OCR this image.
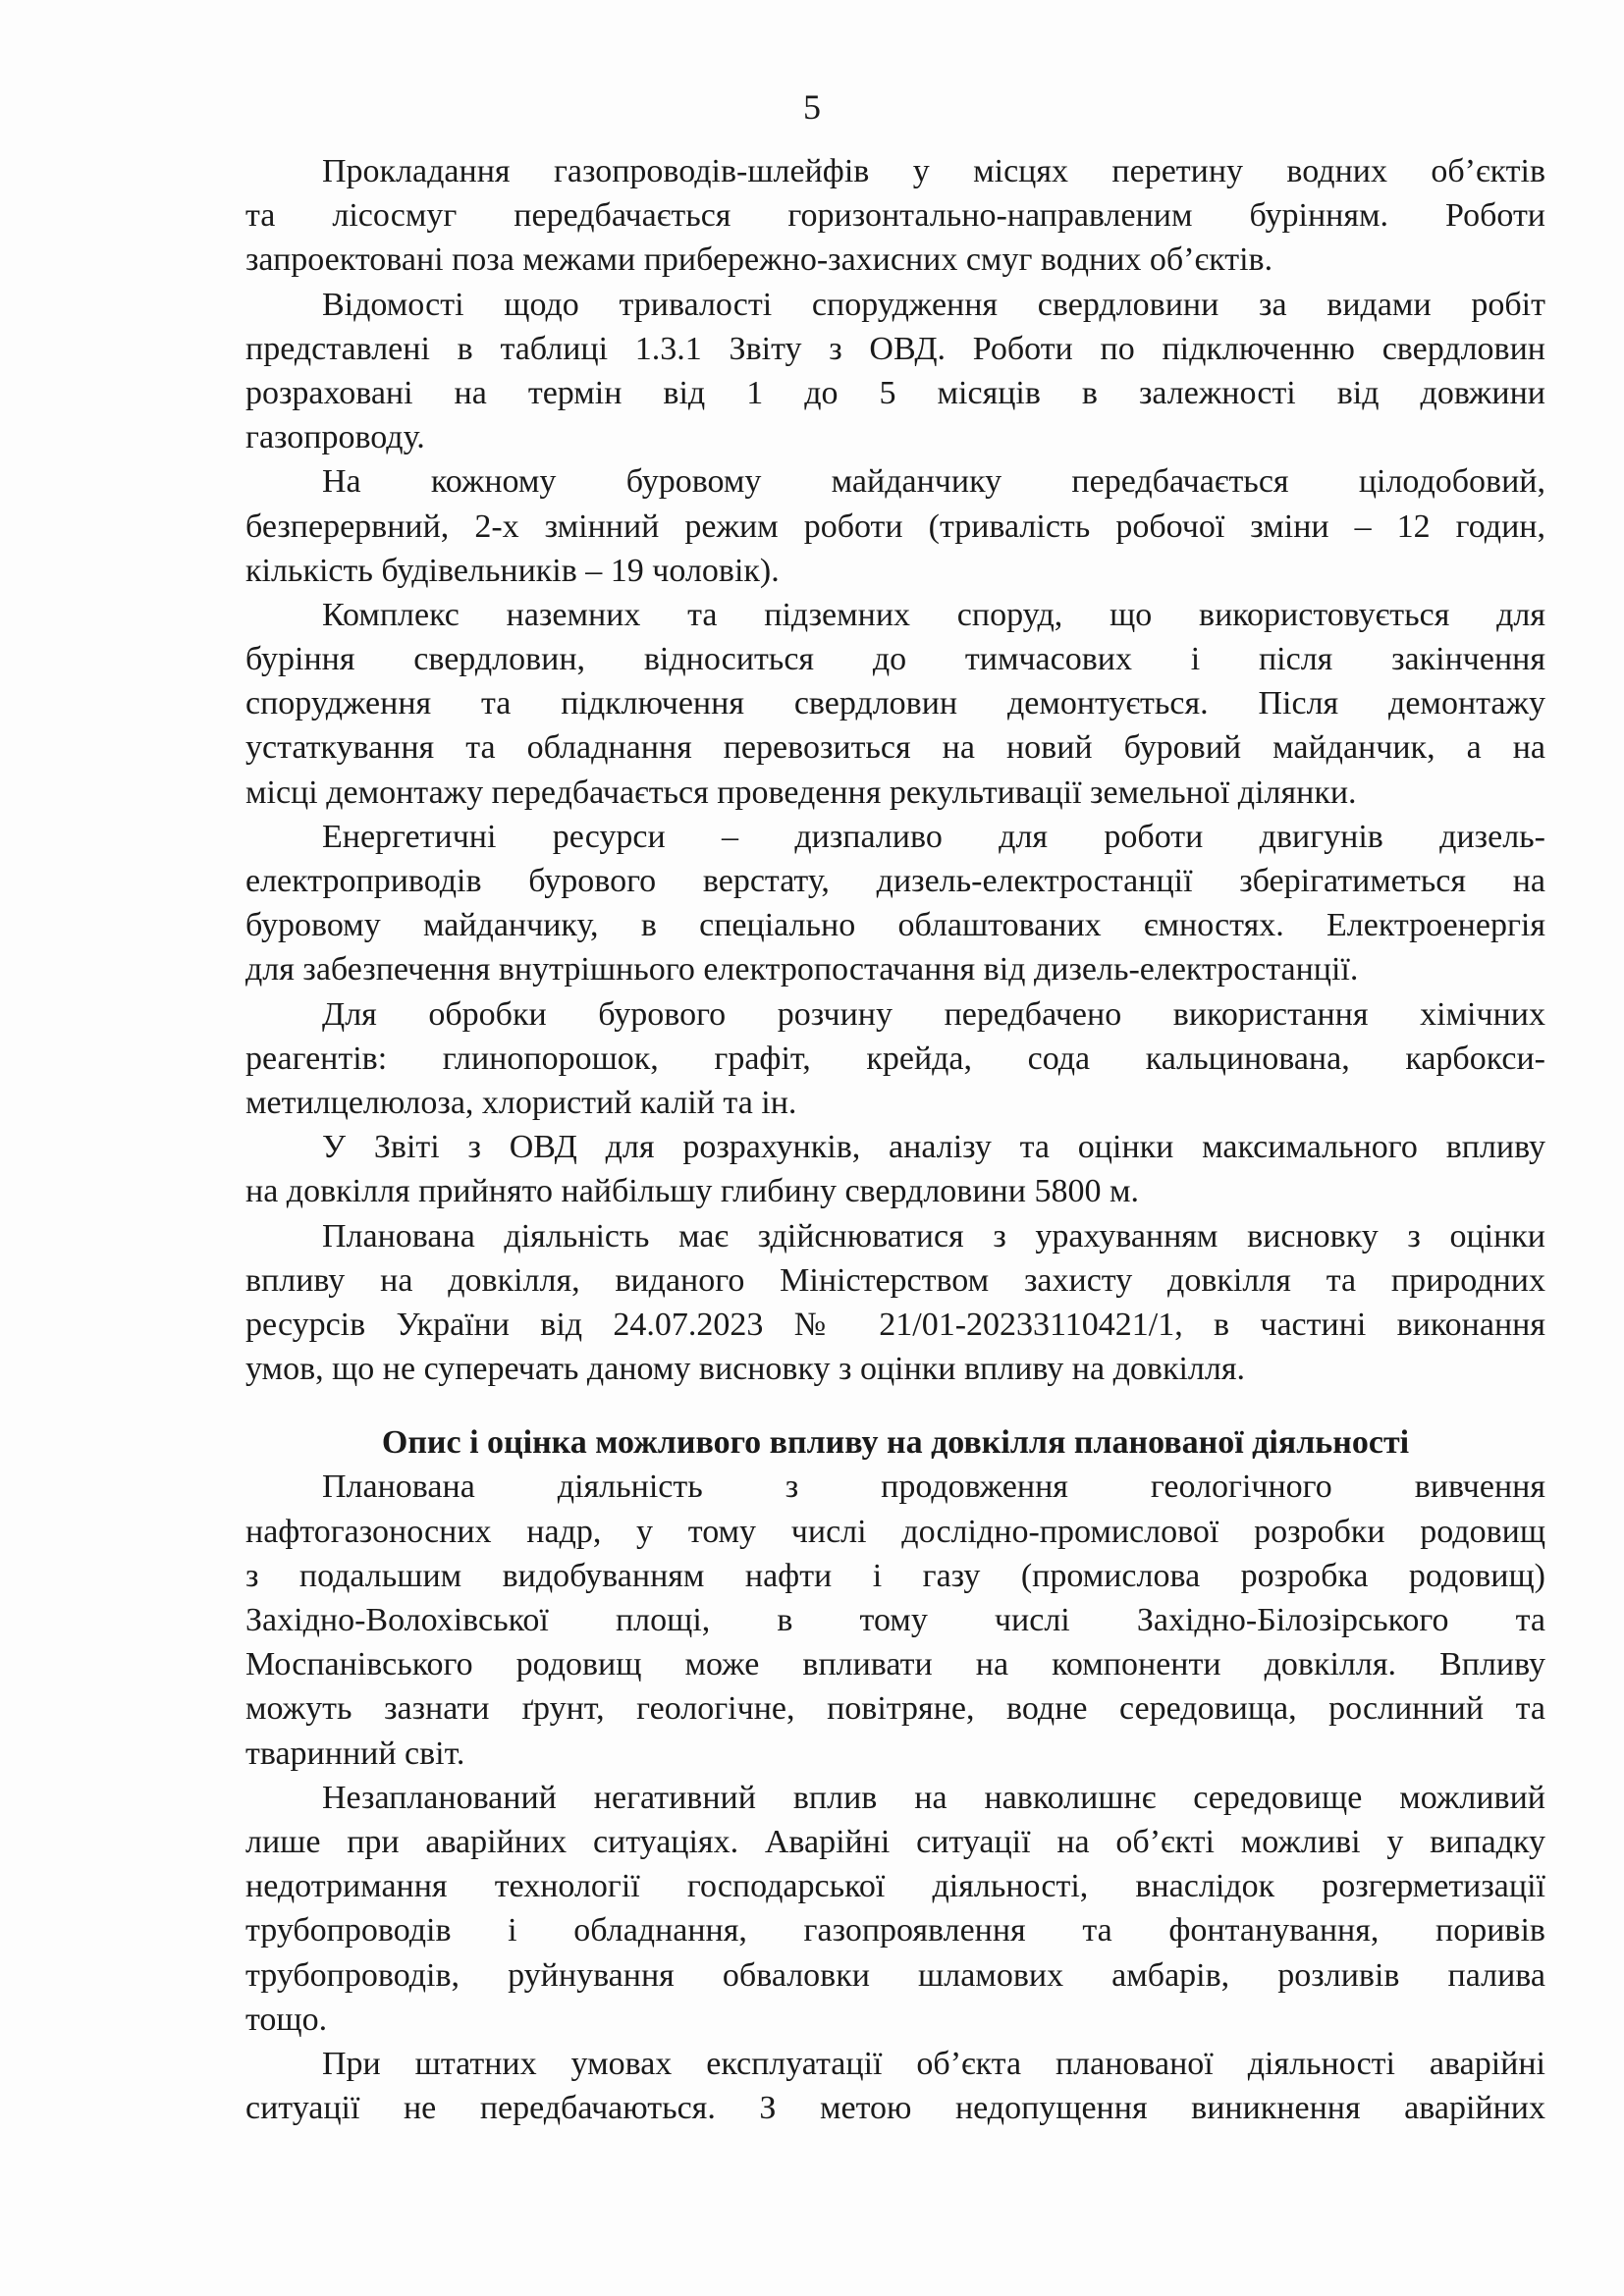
5
Прокладання газопроводів-шлейфів у місцях перетину водних об’єктів
та лісосмуг передбачається горизонтально-направленим бурінням. Роботи
запроектовані поза межами прибережно-захисних смуг водних об’єктів.
Відомості щодо тривалості спорудження свердловини за видами робіт
представлені в таблиці 1.3.1 Звіту з ОВД. Роботи по підключенню свердловин
розраховані на термін від 1 до 5 місяців в залежності від довжини
газопроводу.
На кожному буровому майданчику передбачається цілодобовий,
безперервний, 2-х змінний режим роботи (тривалість робочої зміни – 12 годин,
кількість будівельників – 19 чоловік).
Комплекс наземних та підземних споруд, що використовується для
буріння свердловин, відноситься до тимчасових і після закінчення
спорудження та підключення свердловин демонтується. Після демонтажу
устаткування та обладнання перевозиться на новий буровий майданчик, а на
місці демонтажу передбачається проведення рекультивації земельної ділянки.
Енергетичні ресурси – дизпаливо для роботи двигунів дизель-
електроприводів бурового верстату, дизель-електростанції зберігатиметься на
буровому майданчику, в спеціально облаштованих ємностях. Електроенергія
для забезпечення внутрішнього електропостачання від дизель-електростанції.
Для обробки бурового розчину передбачено використання хімічних
реагентів: глинопорошок, графіт, крейда, сода кальцинована, карбокси-
метилцелюлоза, хлористий калій та ін.
У Звіті з ОВД для розрахунків, аналізу та оцінки максимального впливу
на довкілля прийнято найбільшу глибину свердловини 5800 м.
Планована діяльність має здійснюватися з урахуванням висновку з оцінки
впливу на довкілля, виданого Міністерством захисту довкілля та природних
ресурсів України від 24.07.2023 № 21/01-20233110421/1, в частині виконання
умов, що не суперечать даному висновку з оцінки впливу на довкілля.
Опис і оцінка можливого впливу на довкілля планованої діяльності
Планована діяльність з продовження геологічного вивчення
нафтогазоносних надр, у тому числі дослідно-промислової розробки родовищ
з подальшим видобуванням нафти і газу (промислова розробка родовищ)
Західно-Волохівської площі, в тому числі Західно-Білозірського та
Моспанівського родовищ може впливати на компоненти довкілля. Впливу
можуть зазнати ґрунт, геологічне, повітряне, водне середовища, рослинний та
тваринний світ.
Незапланований негативний вплив на навколишнє середовище можливий
лише при аварійних ситуаціях. Аварійні ситуації на об’єкті можливі у випадку
недотримання технології господарської діяльності, внаслідок розгерметизації
трубопроводів і обладнання, газопроявлення та фонтанування, поривів
трубопроводів, руйнування обваловки шламових амбарів, розливів палива
тощо.
При штатних умовах експлуатації об’єкта планованої діяльності аварійні
ситуації не передбачаються. З метою недопущення виникнення аварійних
